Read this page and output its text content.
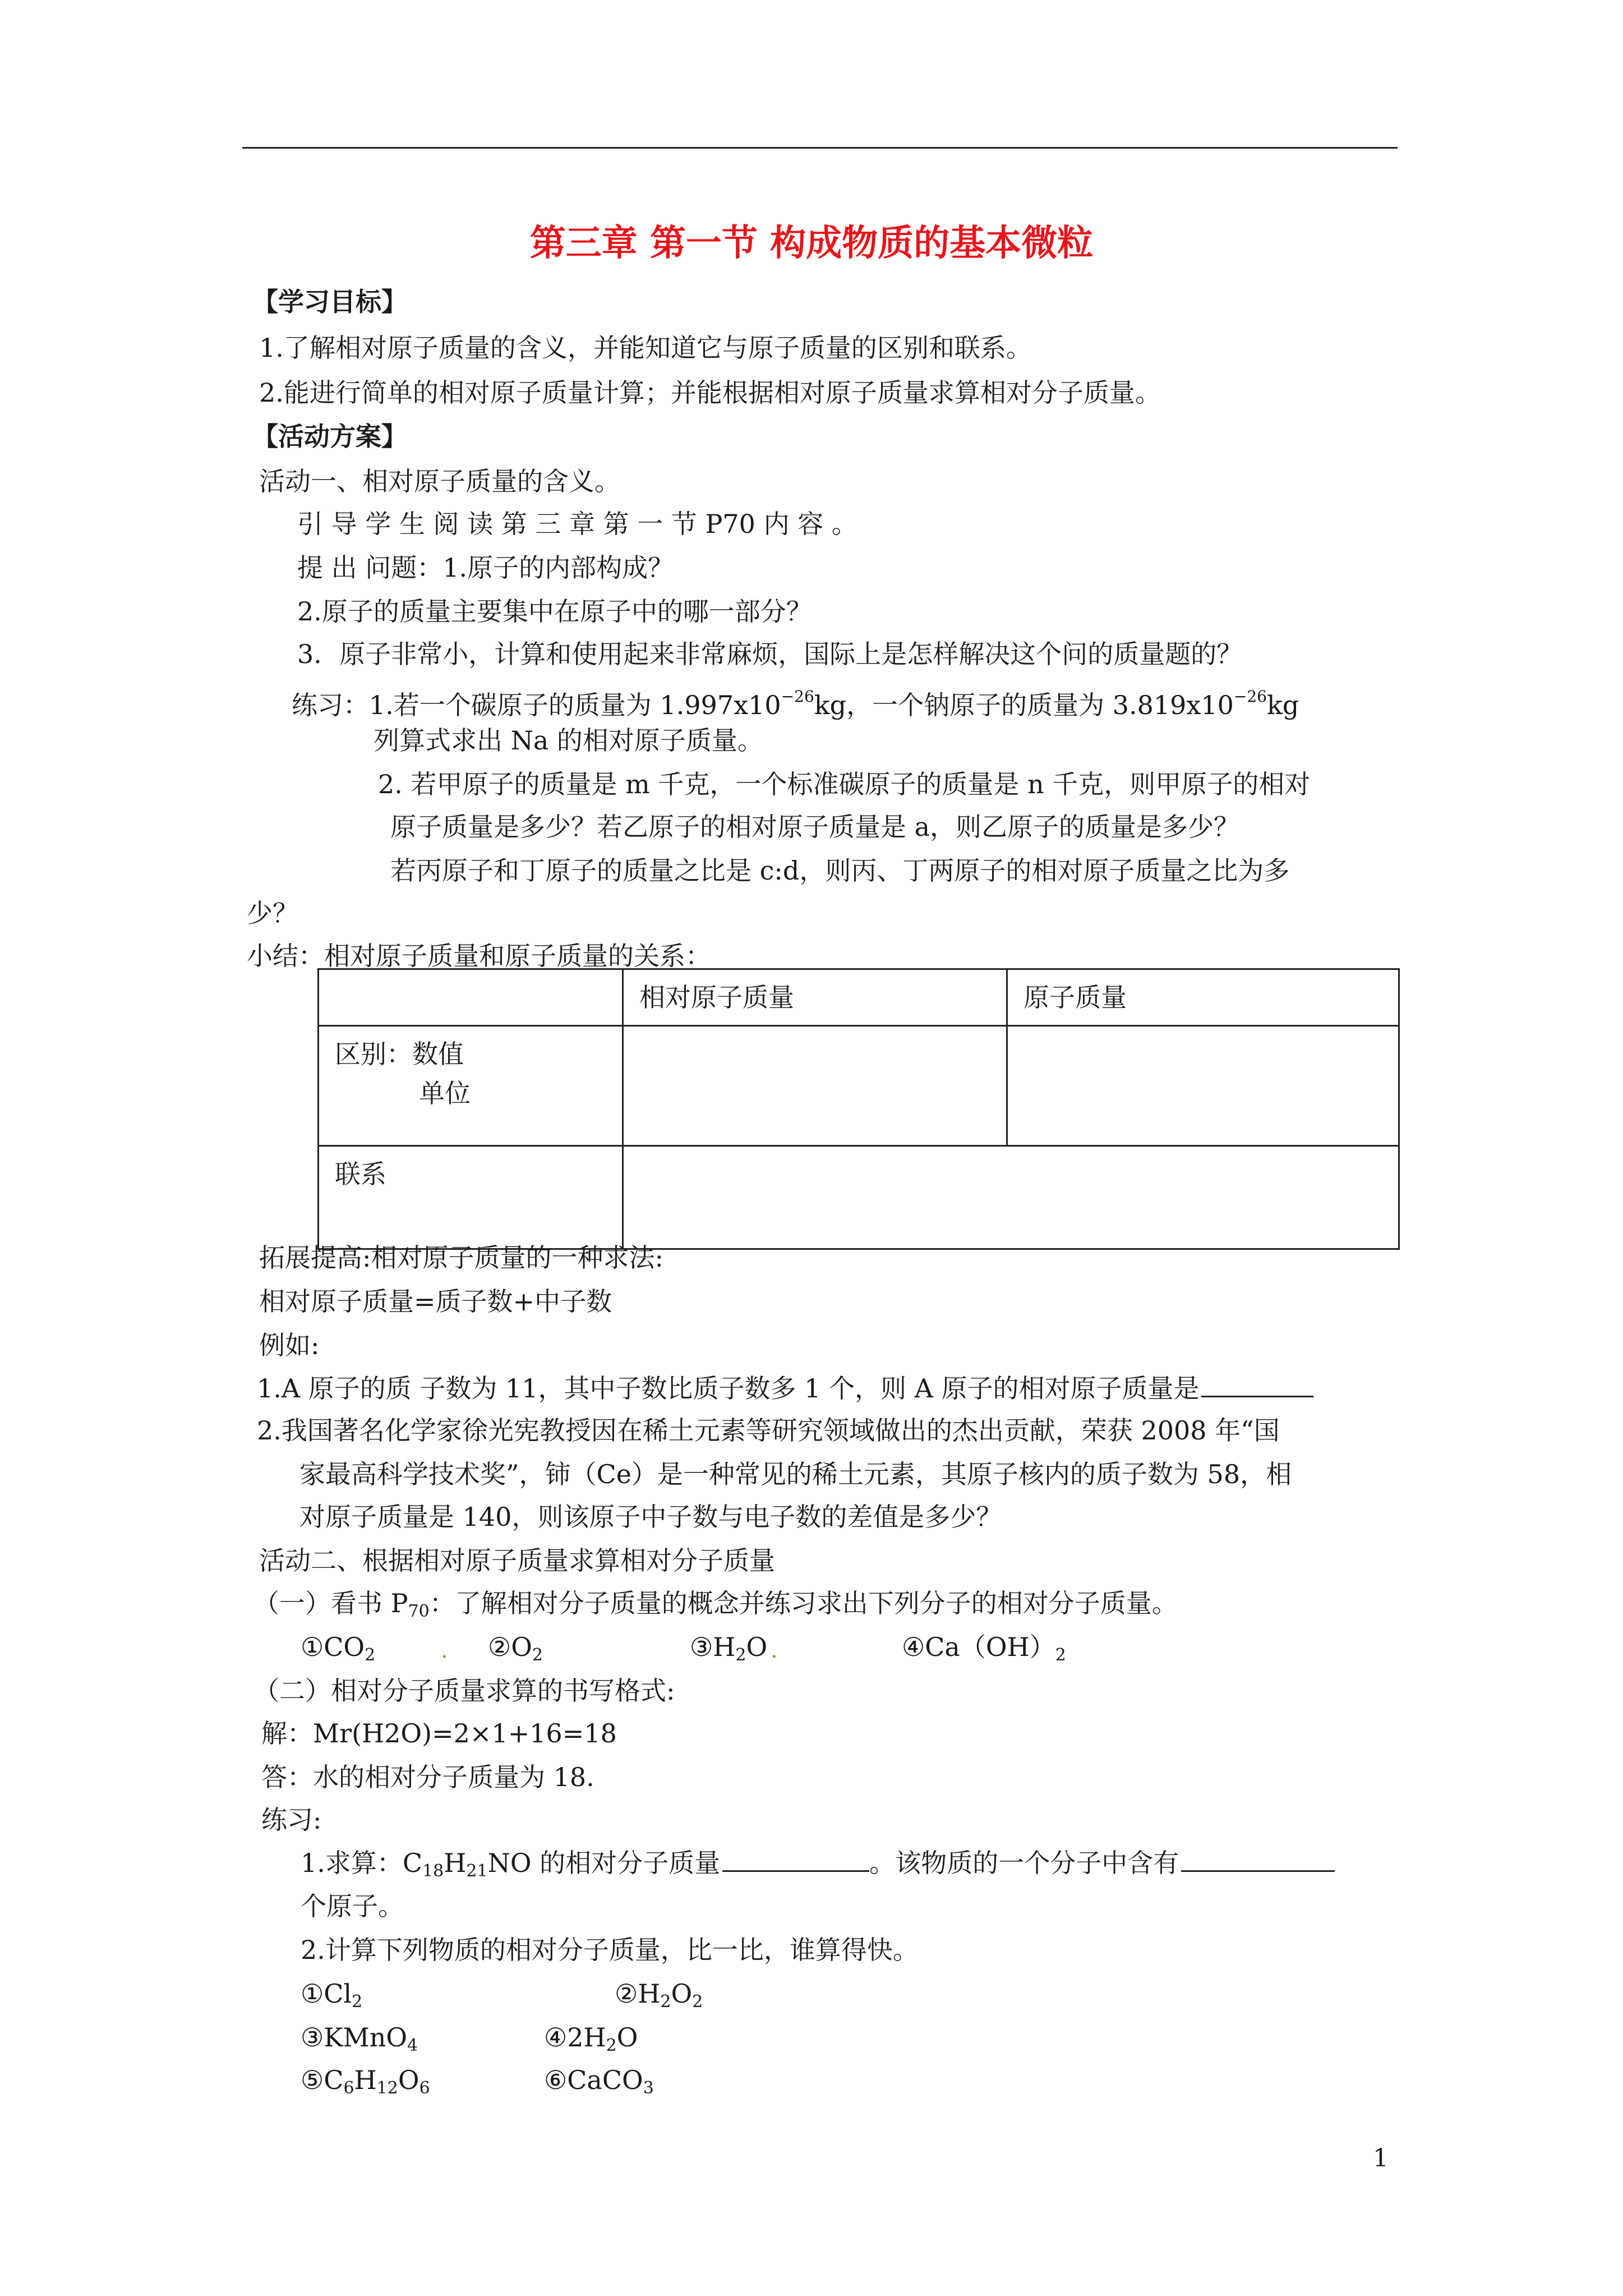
第三章 第一节 构成物质的基本微粒
【学习目标】
1.了解相对原子质量的含义，并能知道它与原子质量的区别和联系。
2.能进行简单的相对原子质量计算；并能根据相对原子质量求算相对分子质量。
【活动方案】
活动一、相对原子质量的含义。
引 导 学 生 阅 读 第 三 章 第 一 节 P70 内 容 。
提 出 问题：1.原子的内部构成？
2.原子的质量主要集中在原子中的哪一部分？
3．原子非常小，计算和使用起来非常麻烦，国际上是怎样解决这个问的质量题的？
练习：1.若一个碳原子的质量为 $1.997x10^{-26}kg$，一个钠原子的质量为 $3.819x10^{-26}kg$
列算式求出 Na 的相对原子质量。
2. 若甲原子的质量是 m 千克，一个标准碳原子的质量是 n 千克，则甲原子的相对
原子质量是多少？若乙原子的相对原子质量是 a，则乙原子的质量是多少？
若丙原子和丁原子的质量之比是 c:d，则丙、丁两原子的相对原子质量之比为多
少？
小结：相对原子质量和原子质量的关系：
	相对原子质量	原子质量

区别：数值
单位		

联系		
拓展提高:相对原子质量的一种求法:
相对原子质量=质子数+中子数
例如:
1.A 原子的质 子数为 11，其中子数比质子数多 1 个，则 A 原子的相对原子质量是
2.我国著名化学家徐光宪教授因在稀土元素等研究领域做出的杰出贡献，荣获 2008 年“国
家最高科学技术奖”，铈（Ce）是一种常见的稀土元素，其原子核内的质子数为 58，相
对原子质量是 140，则该原子中子数与电子数的差值是多少？
活动二、根据相对原子质量求算相对分子质量
（一）看书 $P_{70}$：了解相对分子质量的概念并练习求出下列分子的相对分子质量。
$①CO_2$	. $②O_2$	$③H_2O$ .	$④Ca(OH)_2$
（二）相对分子质量求算的书写格式:
解：Mr(H2O)=2×1+16=18
答：水的相对分子质量为 18.
练习:
1.求算：$C_{18}H_{21}NO$ 的相对分子质量	。该物质的一个分子中含有
个原子。
2.计算下列物质的相对分子质量，比一比，谁算得快。
$①Cl_2$	$②H_2O_2$
③KMnO$_4$	$④2H_2O$
$⑤C_6H_{12}O_6$	⑥CaCO$_3$
1
